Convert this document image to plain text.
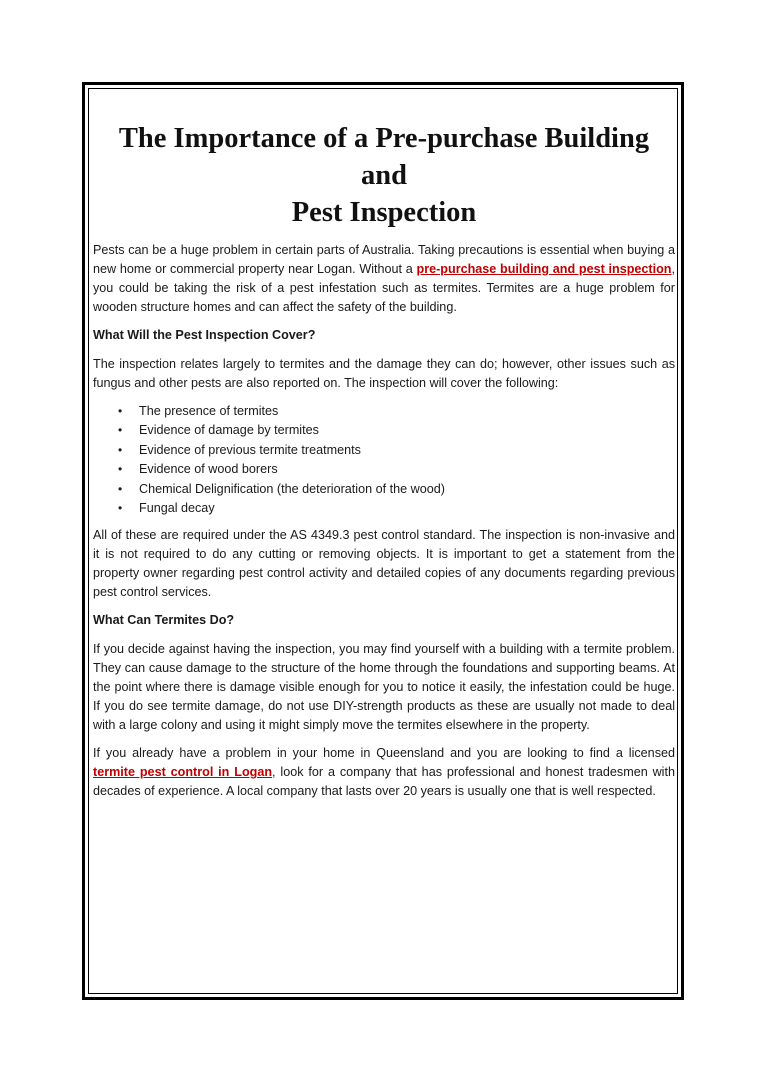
The Importance of a Pre-purchase Building and
Pest Inspection

Pests can be a huge problem in certain parts of Australia. Taking precautions is essential when buying a new home or commercial property near Logan. Without a pre-purchase building and pest inspection, you could be taking the risk of a pest infestation such as termites. Termites are a huge problem for wooden structure homes and can affect the safety of the building.

What Will the Pest Inspection Cover?

The inspection relates largely to termites and the damage they can do; however, other issues such as fungus and other pests are also reported on. The inspection will cover the following:

• The presence of termites
• Evidence of damage by termites
• Evidence of previous termite treatments
• Evidence of wood borers
• Chemical Delignification (the deterioration of the wood)
• Fungal decay

All of these are required under the AS 4349.3 pest control standard. The inspection is non-invasive and it is not required to do any cutting or removing objects. It is important to get a statement from the property owner regarding pest control activity and detailed copies of any documents regarding previous pest control services.

What Can Termites Do?

If you decide against having the inspection, you may find yourself with a building with a termite problem. They can cause damage to the structure of the home through the foundations and supporting beams. At the point where there is damage visible enough for you to notice it easily, the infestation could be huge. If you do see termite damage, do not use DIY-strength products as these are usually not made to deal with a large colony and using it might simply move the termites elsewhere in the property.

If you already have a problem in your home in Queensland and you are looking to find a licensed termite pest control in Logan, look for a company that has professional and honest tradesmen with decades of experience. A local company that lasts over 20 years is usually one that is well respected.
